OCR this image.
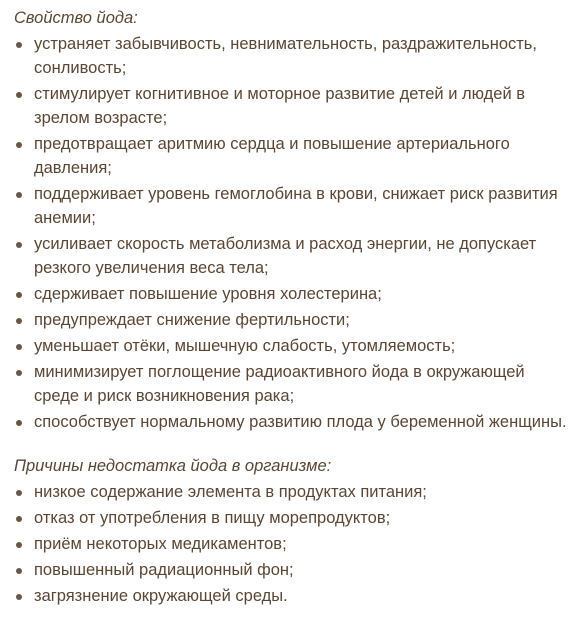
Свойство йода:
устраняет забывчивость, невнимательность, раздражительность, сонливость;
стимулирует когнитивное и моторное развитие детей и людей в зрелом возрасте;
предотвращает аритмию сердца и повышение артериального давления;
поддерживает уровень гемоглобина в крови, снижает риск развития анемии;
усиливает скорость метаболизма и расход энергии, не допускает резкого увеличения веса тела;
сдерживает повышение уровня холестерина;
предупреждает снижение фертильности;
уменьшает отёки, мышечную слабость, утомляемость;
минимизирует поглощение радиоактивного йода в окружающей среде и риск возникновения рака;
способствует нормальному развитию плода у беременной женщины.
Причины недостатка йода в организме:
низкое содержание элемента в продуктах питания;
отказ от употребления в пищу морепродуктов;
приём некоторых медикаментов;
повышенный радиационный фон;
загрязнение окружающей среды.
